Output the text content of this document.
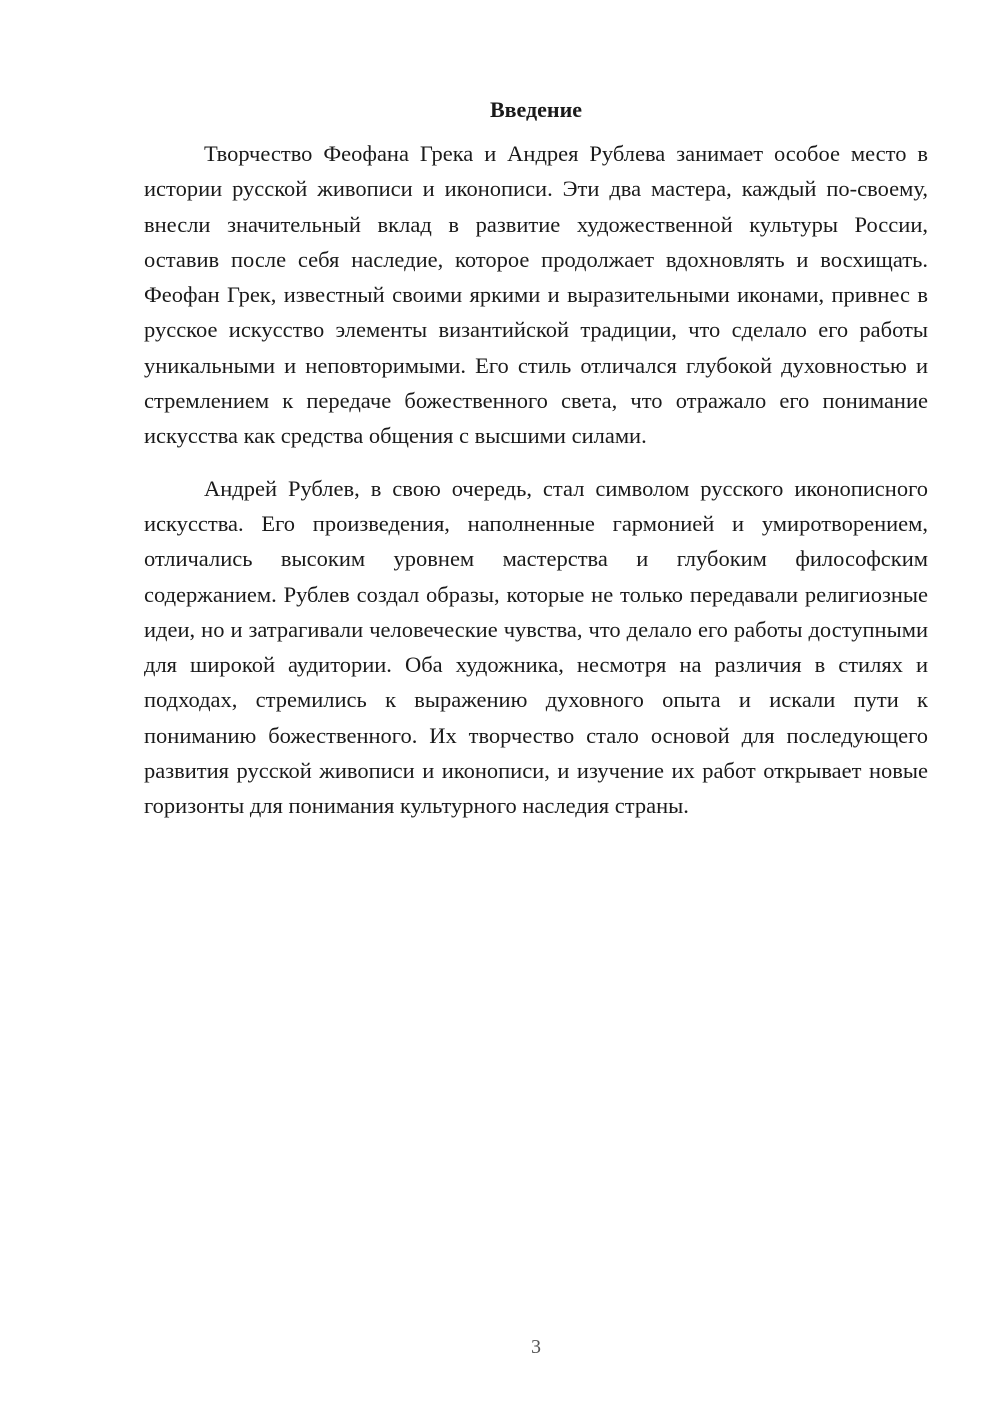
Введение

Творчество Феофана Грека и Андрея Рублева занимает особое место в истории русской живописи и иконописи. Эти два мастера, каждый по-своему, внесли значительный вклад в развитие художественной культуры России, оставив после себя наследие, которое продолжает вдохновлять и восхищать. Феофан Грек, известный своими яркими и выразительными иконами, привнес в русское искусство элементы византийской традиции, что сделало его работы уникальными и неповторимыми. Его стиль отличался глубокой духовностью и стремлением к передаче божественного света, что отражало его понимание искусства как средства общения с высшими силами.

Андрей Рублев, в свою очередь, стал символом русского иконописного искусства. Его произведения, наполненные гармонией и умиротворением, отличались высоким уровнем мастерства и глубоким философским содержанием. Рублев создал образы, которые не только передавали религиозные идеи, но и затрагивали человеческие чувства, что делало его работы доступными для широкой аудитории. Оба художника, несмотря на различия в стилях и подходах, стремились к выражению духовного опыта и искали пути к пониманию божественного. Их творчество стало основой для последующего развития русской живописи и иконописи, и изучение их работ открывает новые горизонты для понимания культурного наследия страны.

3
